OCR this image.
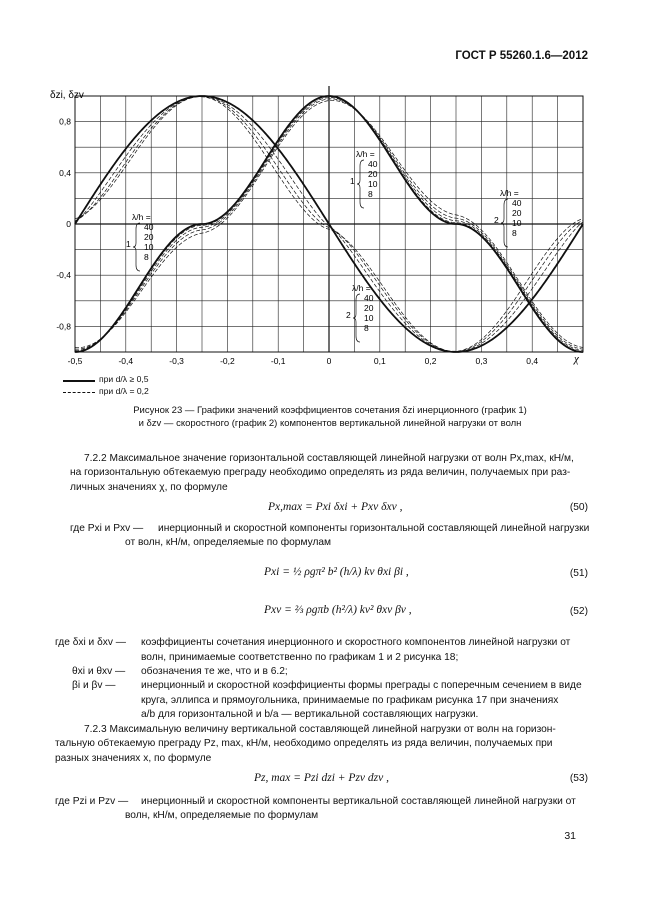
ГОСТ Р 55260.1.6—2012
-0,5	-0,4	-0,3	-0,2	-0,1	0	0,1	0,2	0,3	0,4
0,8
0,4
0
-0,4
-0,8
λ/h =
40
20
10
8
1
λ/h =
40
20
10
8
2
λ/h =
40
20
10
8
2
λ/h =
40
20
10
8
1
δzi, δzv
χ
при d/λ ≥ 0,5
при d/λ = 0,2
Рисунок 23 — Графики значений коэффициентов сочетания δzi инерционного (график 1)
и δzv — скоростного (график 2) компонентов вертикальной линейной нагрузки от волн
7.2.2 Максимальное значение горизонтальной составляющей линейной нагрузки от волн Px,max, кН/м,
на горизонтальную обтекаемую преграду необходимо определять из ряда величин, получаемых при раз-
личных значениях χ, по формуле
Px,max = Pxi δxi + Pxv δxv ,	(50)
где Pxi и Pxv — инерционный и скоростной компоненты горизонтальной составляющей линейной нагрузки
от волн, кН/м, определяемые по формулам
Pxi = ½ ρgπ² b² (h/λ) kv θxi βi ,	(51)
Pxv = ⅔ ρgπb (h²/λ) kv² θxv βv ,	(52)
где δxi и δxv — коэффициенты сочетания инерционного и скоростного компонентов линейной нагрузки от
волн, принимаемые соответственно по графикам 1 и 2 рисунка 18;
θxi и θxv — обозначения те же, что и в 6.2;
βi и βv —	инерционный и скоростной коэффициенты формы преграды с поперечным сечением в виде
круга, эллипса и прямоугольника, принимаемые по графикам рисунка 17 при значениях
a/b для горизонтальной и b/a — вертикальной составляющих нагрузки.
7.2.3 Максимальную величину вертикальной составляющей линейной нагрузки от волн на горизон-
тальную обтекаемую преграду Pz, max, кН/м, необходимо определять из ряда величин, получаемых при
разных значениях x, по формуле
Pz, max = Pzi dzi + Pzv dzv ,	(53)
где Pzi и Pzv — инерционный и скоростной компоненты вертикальной составляющей линейной нагрузки от
волн, кН/м, определяемые по формулам
31
